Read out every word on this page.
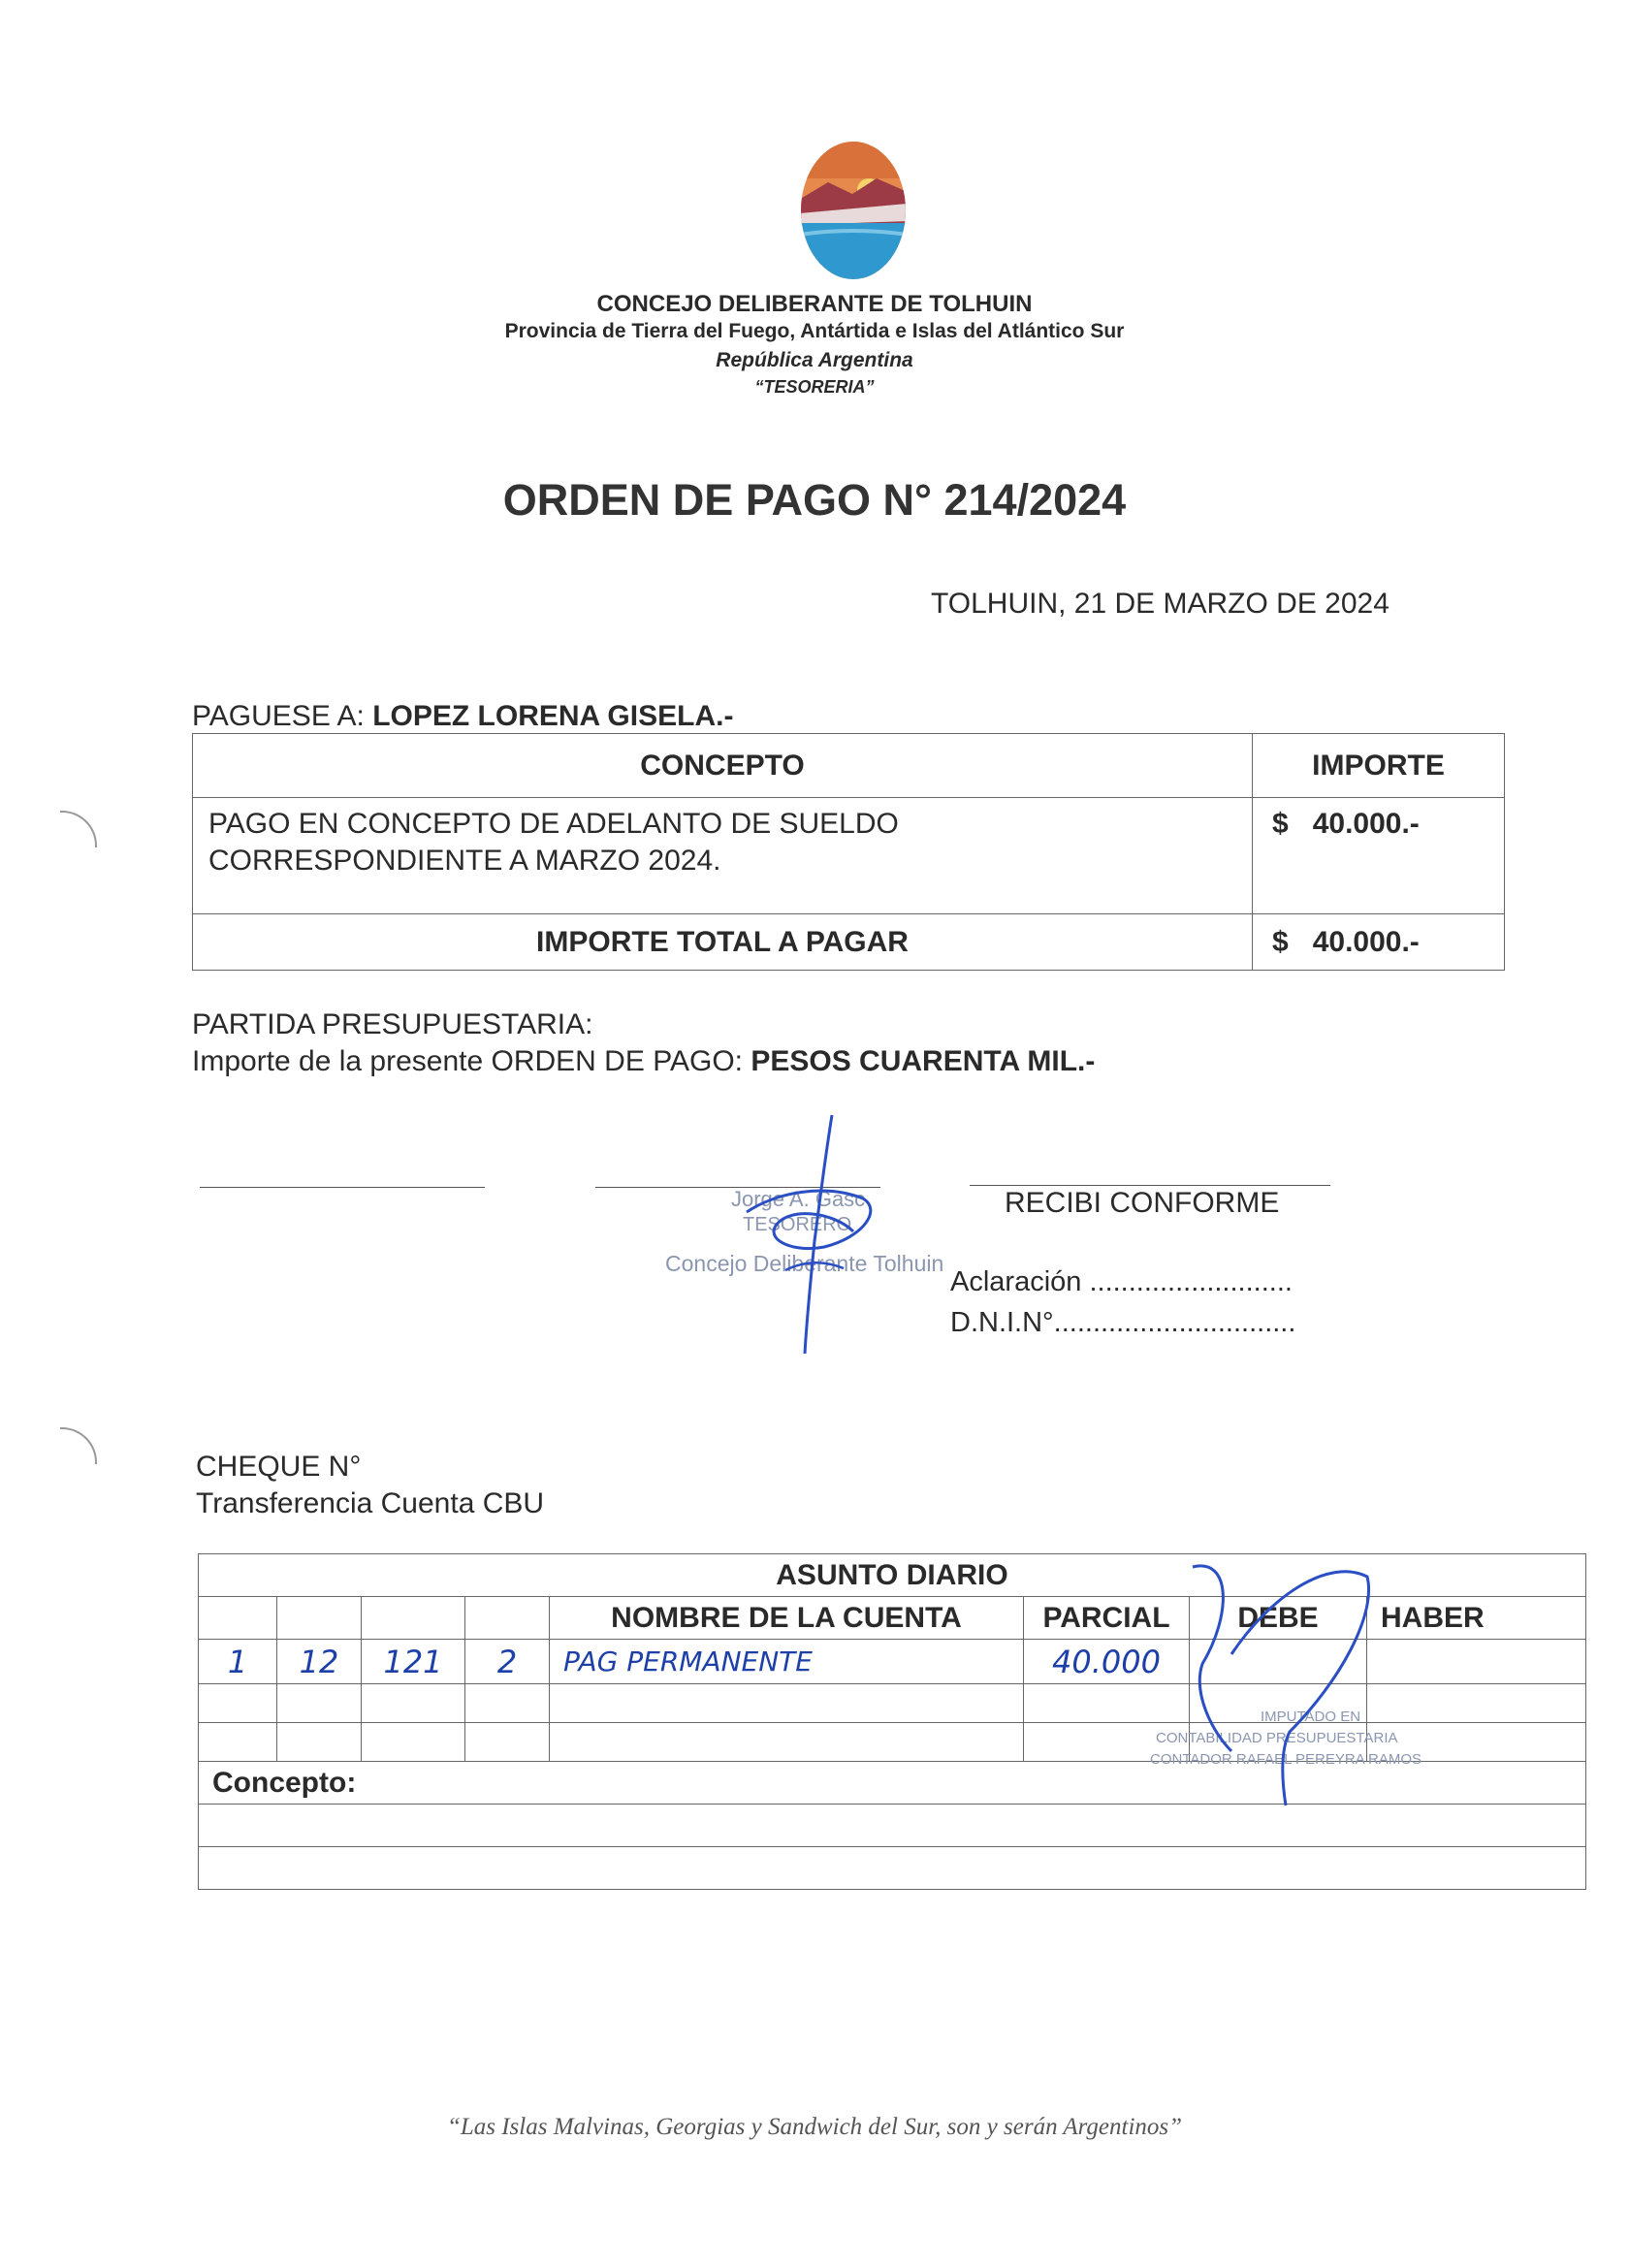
CONCEJO DELIBERANTE DE TOLHUIN
Provincia de Tierra del Fuego, Antártida e Islas del Atlántico Sur
República Argentina
“TESORERIA”
ORDEN DE PAGO N° 214/2024
TOLHUIN, 21 DE MARZO DE 2024
PAGUESE A: LOPEZ LORENA GISELA.-
CONCEPTO	IMPORTE

PAGO EN CONCEPTO DE ADELANTO DE SUELDO
CORRESPONDIENTE A MARZO 2024.	$ 40.000.-
IMPORTE TOTAL A PAGAR	$ 40.000.-
PARTIDA PRESUPUESTARIA:
Importe de la presente ORDEN DE PAGO: PESOS CUARENTA MIL.-
Jorge A. Gasc
TESORERO
Concejo Deliberante Tolhuin
RECIBI CONFORME
Aclaración ..........................
D.N.I.N°...............................
CHEQUE N°
Transferencia Cuenta CBU
ASUNTO DIARIO							
				NOMBRE DE LA CUENTA	PARCIAL	DEBE	HABER
1	12	121	2	PAG PERMANENTE	40.000		

Concepto:							

IMPUTADO EN
CONTABILIDAD PRESUPUESTARIA
CONTADOR RAFAEL PEREYRA RAMOS
“Las Islas Malvinas, Georgias y Sandwich del Sur, son y serán Argentinos”
